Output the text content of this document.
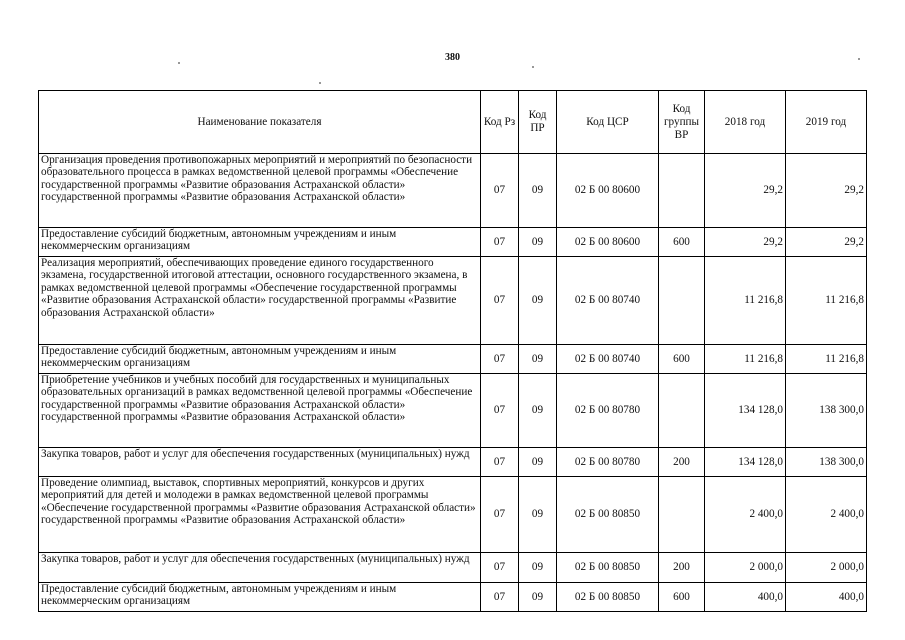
380
Наименование показателя	Код Рз	Код ПР	Код ЦСР	Код группы ВР	2018 год	2019 год
Организация проведения противопожарных мероприятий и мероприятий по безопасности образовательного процесса в рамках ведомственной целевой программы «Обеспечение государственной программы «Развитие образования Астраханской области» государственной программы «Развитие образования Астраханской области»	07	09	02 Б 00 80600		29,2	29,2
Предоставление субсидий бюджетным, автономным учреждениям и иным некоммерческим организациям	07	09	02 Б 00 80600	600	29,2	29,2
Реализация мероприятий, обеспечивающих проведение единого государственного экзамена, государственной итоговой аттестации, основного государственного экзамена, в рамках ведомственной целевой программы «Обеспечение государственной программы «Развитие образования Астраханской области» государственной программы «Развитие образования Астраханской области»	07	09	02 Б 00 80740		11 216,8	11 216,8
Предоставление субсидий бюджетным, автономным учреждениям и иным некоммерческим организациям	07	09	02 Б 00 80740	600	11 216,8	11 216,8
Приобретение учебников и учебных пособий для государственных и муниципальных образовательных организаций в рамках ведомственной целевой программы «Обеспечение государственной программы «Развитие образования Астраханской области» государственной программы «Развитие образования Астраханской области»	07	09	02 Б 00 80780		134 128,0	138 300,0
Закупка товаров, работ и услуг для обеспечения государственных (муниципальных) нужд	07	09	02 Б 00 80780	200	134 128,0	138 300,0
Проведение олимпиад, выставок, спортивных мероприятий, конкурсов и других мероприятий для детей и молодежи в рамках ведомственной целевой программы «Обеспечение государственной программы «Развитие образования Астраханской области» государственной программы «Развитие образования Астраханской области»	07	09	02 Б 00 80850		2 400,0	2 400,0
Закупка товаров, работ и услуг для обеспечения государственных (муниципальных) нужд	07	09	02 Б 00 80850	200	2 000,0	2 000,0
Предоставление субсидий бюджетным, автономным учреждениям и иным некоммерческим организациям	07	09	02 Б 00 80850	600	400,0	400,0
